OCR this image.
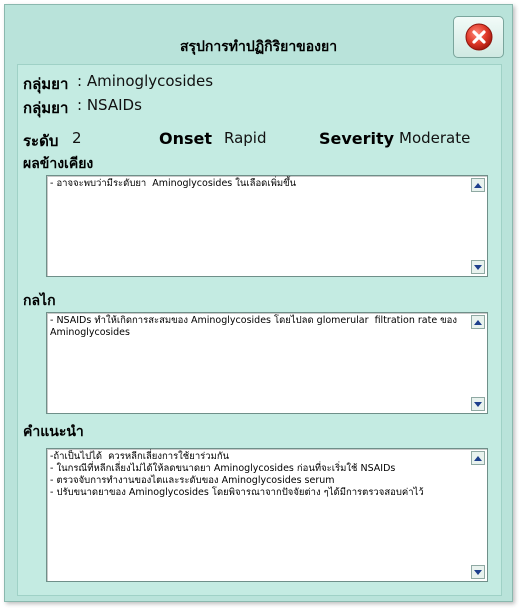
สรุปการทำปฏิกิริยาของยา
กลุ่มยา : Aminoglycosides
กลุ่มยา : NSAIDs
ระดับ 2	Onset Rapid	Severity Moderate
ผลข้างเคียง
- อาจจะพบว่ามีระดับยา  Aminoglycosides ในเลือดเพิ่มขึ้น
กลไก
- NSAIDs ทำให้เกิดการสะสมของ Aminoglycosides โดยไปลด glomerular  filtration rate ของ Aminoglycosides
คำแนะนำ
-ถ้าเป็นไปได้  ควรหลีกเลี่ยงการใช้ยาร่วมกัน
- ในกรณีที่หลีกเลี่ยงไม่ได้ให้ลดขนาดยา Aminoglycosides ก่อนที่จะเริ่มใช้ NSAIDs
- ตรวจจับการทำงานของไตและระดับของ Aminoglycosides serum
- ปรับขนาดยาของ Aminoglycosides โดยพิจารณาจากปัจจัยต่าง ๆได้มีการตรวจสอบค่าไว้
